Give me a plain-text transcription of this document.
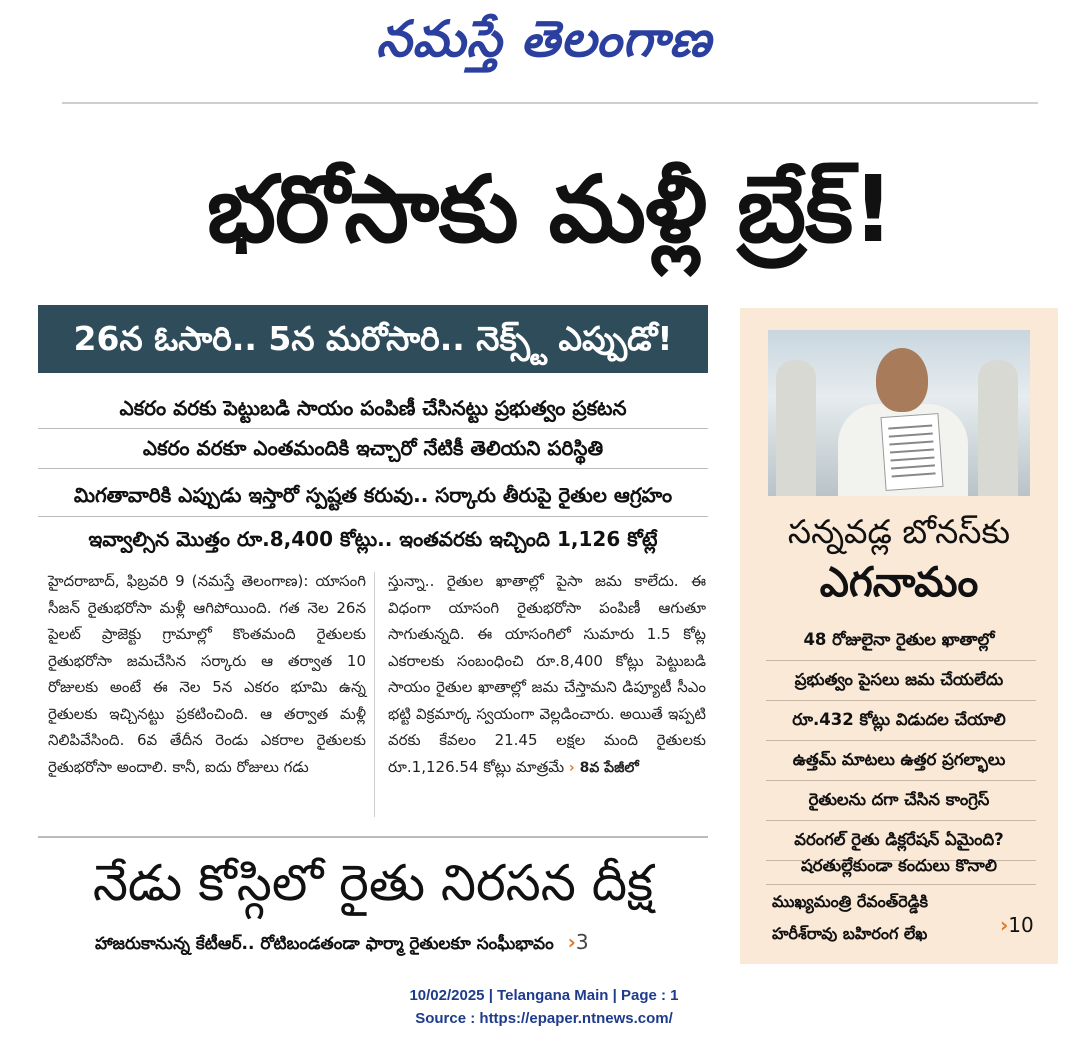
నమస్తే తెలంగాణ
భరోసాకు మళ్లీ బ్రేక్!
26న ఓసారి.. 5న మరోసారి.. నెక్స్ట్ ఎప్పుడో!
ఎకరం వరకు పెట్టుబడి సాయం పంపిణీ చేసినట్టు ప్రభుత్వం ప్రకటన
ఎకరం వరకూ ఎంతమందికి ఇచ్చారో నేటికీ తెలియని పరిస్థితి
మిగతావారికి ఎప్పుడు ఇస్తారో స్పష్టత కరువు.. సర్కారు తీరుపై రైతుల ఆగ్రహం
ఇవ్వాల్సిన మొత్తం రూ.8,400 కోట్లు.. ఇంతవరకు ఇచ్చింది 1,126 కోట్లే

హైదరాబాద్, ఫిబ్రవరి 9 (నమస్తే తెలంగాణ): యాసంగి సీజన్ రైతుభరోసా మళ్లీ ఆగిపోయింది. గత నెల 26న పైలట్ ప్రాజెక్టు గ్రామాల్లో కొంతమంది రైతులకు రైతుభరోసా జమచేసిన సర్కారు ఆ తర్వాత 10 రోజులకు అంటే ఈ నెల 5న ఎకరం భూమి ఉన్న రైతులకు ఇచ్చినట్టు ప్రకటించింది. ఆ తర్వాత మళ్లీ నిలిపివేసింది. 6వ తేదీన రెండు ఎకరాల రైతులకు రైతుభరోసా అందాలి. కానీ, ఐదు రోజులు గడు

స్తున్నా.. రైతుల ఖాతాల్లో పైసా జమ కాలేదు. ఈ విధంగా యాసంగి రైతుభరోసా పంపిణీ ఆగుతూ సాగుతున్నది. ఈ యాసంగిలో సుమారు 1.5 కోట్ల ఎకరాలకు సంబంధించి రూ.8,400 కోట్లు పెట్టుబడి సాయం రైతుల ఖాతాల్లో జమ చేస్తామని డిప్యూటీ సీఎం భట్టి విక్రమార్క స్వయంగా వెల్లడించారు. అయితే ఇప్పటి వరకు కేవలం 21.45 లక్షల మంది రైతులకు రూ.1,126.54 కోట్లు మాత్రమే › 8వ పేజీలో

నేడు కోస్గిలో రైతు నిరసన దీక్ష
హాజరుకానున్న కేటీఆర్.. రోటిబండతండా ఫార్మా రైతులకూ సంఘీభావం ›3
సన్నవడ్ల బోనస్‌కు
ఎగనామం
48 రోజులైనా రైతుల ఖాతాల్లో
ప్రభుత్వం పైసలు జమ చేయలేదు
రూ.432 కోట్లు విడుదల చేయాలి
ఉత్తమ్ మాటలు ఉత్తర ప్రగల్భాలు
రైతులను దగా చేసిన కాంగ్రెస్
వరంగల్ రైతు డిక్లరేషన్ ఏమైంది?
షరతుల్లేకుండా కందులు కొనాలి
ముఖ్యమంత్రి రేవంత్‌రెడ్డికి
హరీశ్‌రావు బహిరంగ లేఖ	›10
10/02/2025 | Telangana Main | Page : 1
Source : https://epaper.ntnews.com/
